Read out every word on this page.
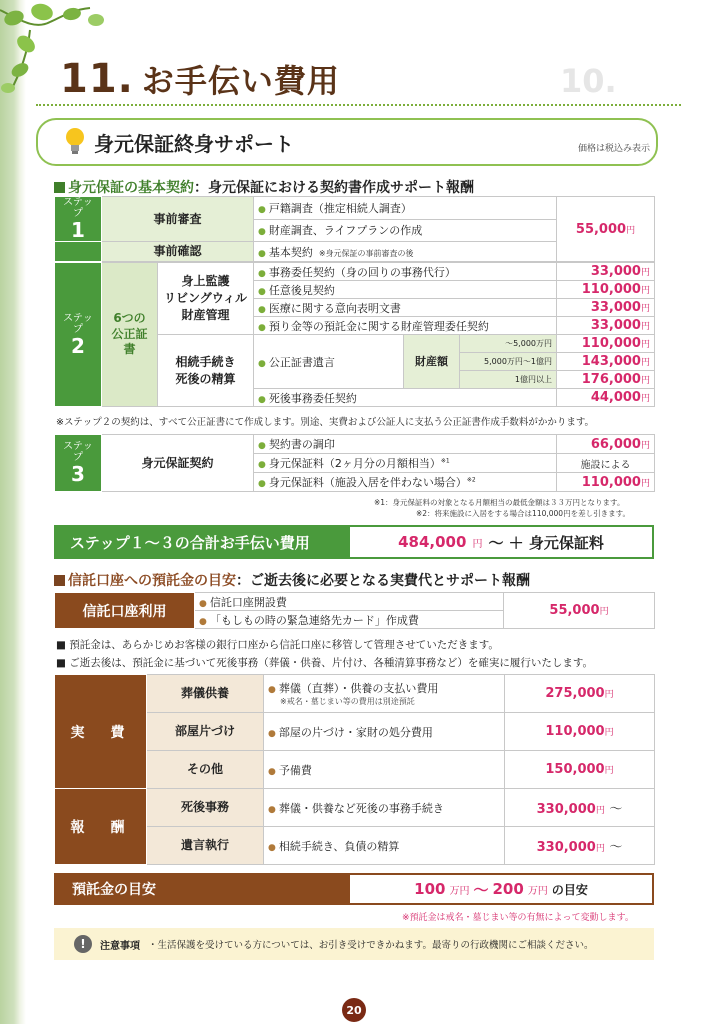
10.
11. お手伝い費用
身元保証終身サポート	価格は税込み表示
身元保証の基本契約：身元保証における契約書作成サポート報酬
ステップ
1	事前審査	● 戸籍調査（推定相続人調査）	55,000円
		● 財産調査、ライフプランの作成
	事前確認	● 基本契約 ※身元保証の事前審査の後
ステップ
2	6つの
公正証書	身上監護
リビングウィル
財産管理	● 事務委任契約（身の回りの事務代行）			33,000円
			● 任意後見契約			110,000円
			● 医療に関する意向表明文書			33,000円
			● 預り金等の預託金に関する財産管理委任契約			33,000円
		相続手続き
死後の精算	● 公正証書遺言	財産額	～5,000万円	110,000円
					5,000万円～1億円	143,000円
					1億円以上	176,000円
			● 死後事務委任契約			44,000円
※ステップ２の契約は、すべて公正証書にて作成します。別途、実費および公証人に支払う公正証書作成手数料がかかります。
ステップ
3	身元保証契約	● 契約書の調印	66,000円
		● 身元保証料（2ヶ月分の月額相当）$^{※1}$	施設による
		● 身元保証料（施設入居を伴わない場合）$^{※2}$	110,000円
※1：身元保証料の対象となる月額相当の最低金額は３３万円となります。
※2：将来施設に入居をする場合は110,000円を差し引きます。
ステップ１～３の合計お手伝い費用	484,000 円 ～ ＋ 身元保証料
信託口座への預託金の目安：ご逝去後に必要となる実費代とサポート報酬
信託口座利用	● 信託口座開設費	55,000円
● 「もしもの時の緊急連絡先カード」作成費
■ 預託金は、あらかじめお客様の銀行口座から信託口座に移管して管理させていただきます。
■ ご逝去後は、預託金に基づいて死後事務（葬儀・供養、片付け、各種清算事務など）を確実に履行いたします。
実　費	葬儀供養	● 葬儀（直葬）・供養の支払い費用
※戒名・墓じまい等の費用は別途預託	275,000円
	部屋片づけ	● 部屋の片づけ・家財の処分費用	110,000円
	その他	● 予備費	150,000円
報　酬	死後事務	● 葬儀・供養など死後の事務手続き	330,000円 ～
	遺言執行	● 相続手続き、負債の精算	330,000円 ～
預託金の目安	100 万円 ～ 200 万円 の目安
※預託金は戒名・墓じまい等の有無によって変動します。
!	注意事項 ・生活保護を受けている方については、お引き受けできかねます。最寄りの行政機関にご相談ください。
20
